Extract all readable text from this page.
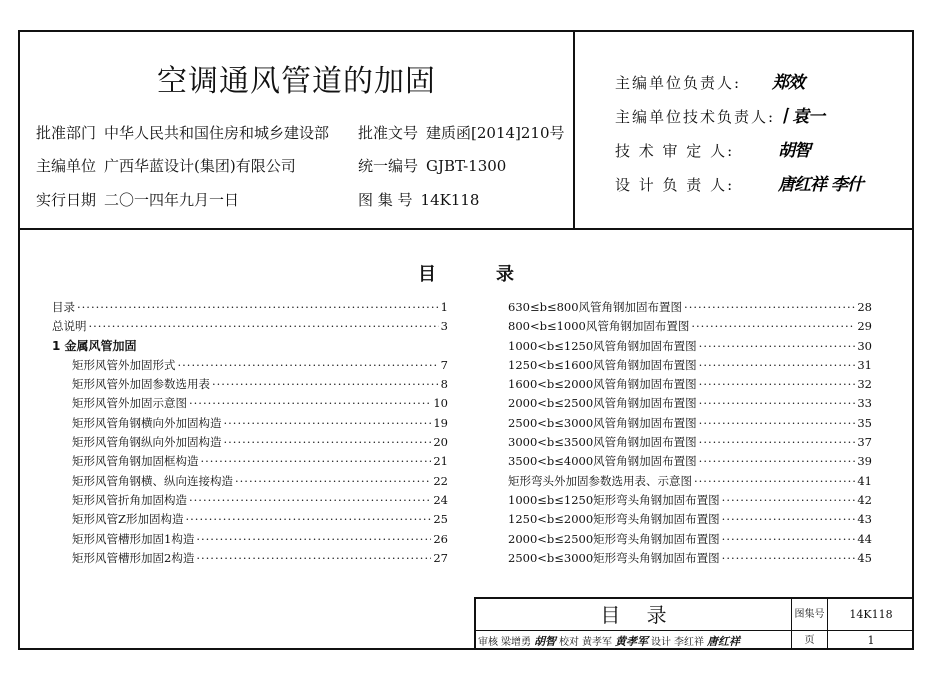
空调通风管道的加固
批准部门 中华人民共和国住房和城乡建设部 批准文号 建质函[2014]210号
主编单位 广西华蓝设计(集团)有限公司	统一编号 GJBT-1300
实行日期 二〇一四年九月一日	图 集 号 14K118
主编单位负责人: 郑效
主编单位技术负责人: 丨袁一
技 术 审 定 人:	胡智
设 计 负 责 人:	唐红祥 李什
目	录
目录 ·····	1
总说明 ·····	3
1 金属风管加固
矩形风管外加固形式 ·····	7
矩形风管外加固参数选用表 ·····	8
矩形风管外加固示意图 ·····	10
矩形风管角钢横向外加固构造 ·····	19
矩形风管角钢纵向外加固构造 ·····	20
矩形风管角钢加固框构造 ·····	21
矩形风管角钢横、纵向连接构造 ·····	22
矩形风管折角加固构造 ·····	24
矩形风管Z形加固构造 ·····	25
矩形风管槽形加固1构造 ·····	26
矩形风管槽形加固2构造 ·····	27
630≤b≤800风管角钢加固布置图 ·····	28
800<b≤1000风管角钢加固布置图 ·····	29
1000<b≤1250风管角钢加固布置图 ·····	30
1250<b≤1600风管角钢加固布置图 ·····	31
1600<b≤2000风管角钢加固布置图 ·····	32
2000<b≤2500风管角钢加固布置图 ·····	33
2500<b≤3000风管角钢加固布置图 ·····	35
3000<b≤3500风管角钢加固布置图 ·····	37
3500<b≤4000风管角钢加固布置图 ·····	39
矩形弯头外加固参数选用表、示意图 ·····	41
1000≤b≤1250矩形弯头角钢加固布置图 ·····	42
1250<b≤2000矩形弯头角钢加固布置图 ·····	43
2000<b≤2500矩形弯头角钢加固布置图 ·····	44
2500<b≤3000矩形弯头角钢加固布置图 ·····	45
目 录	图集号	14K118
审核 梁增勇 胡智 校对 黄孝军 黄孝军 设计 李红祥 唐红祥	页	1
